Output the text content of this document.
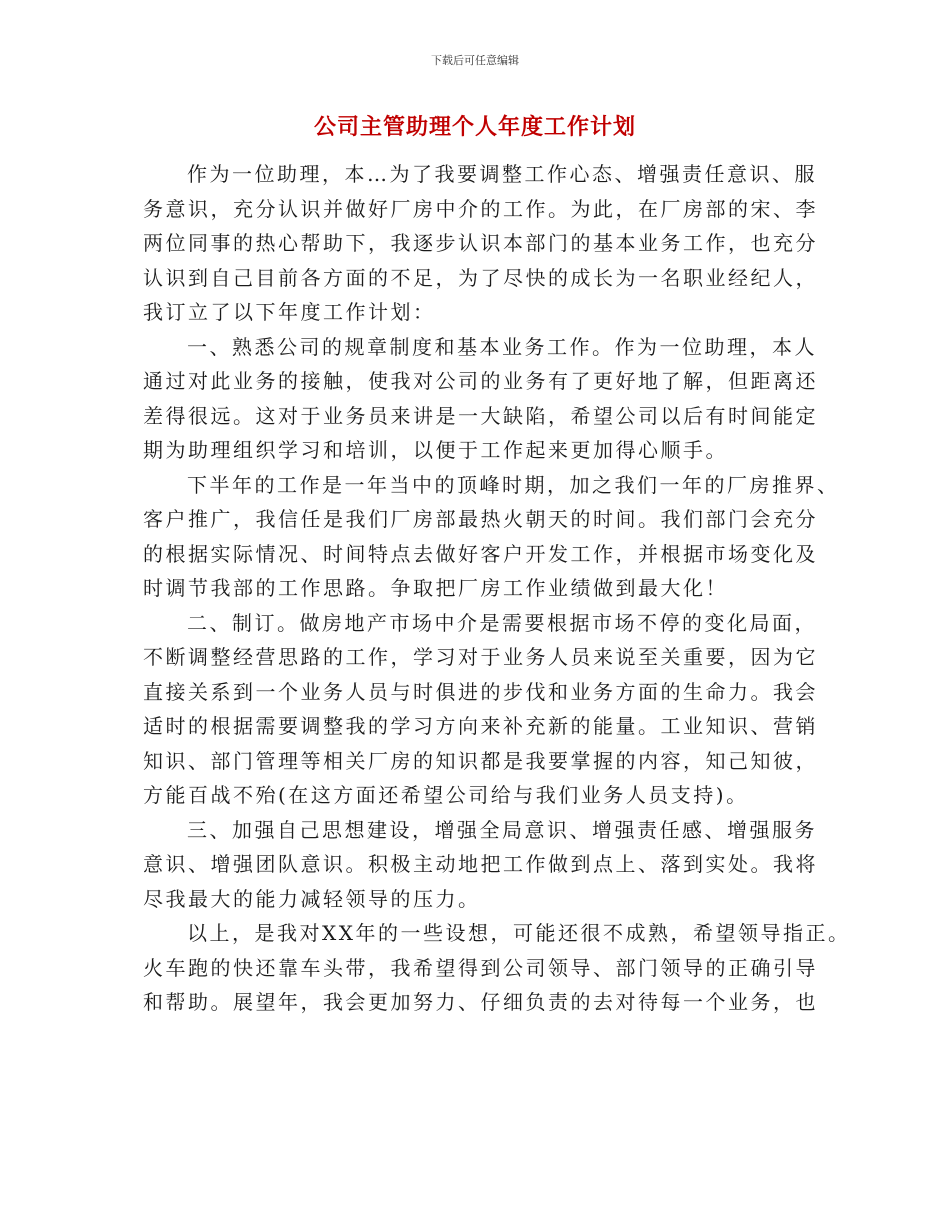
下载后可任意编辑
公司主管助理个人年度工作计划
作为一位助理，本…为了我要调整工作心态、增强责任意识、服
务意识，充分认识并做好厂房中介的工作。为此，在厂房部的宋、李
两位同事的热心帮助下，我逐步认识本部门的基本业务工作，也充分
认识到自己目前各方面的不足，为了尽快的成长为一名职业经纪人，
我订立了以下年度工作计划：
一、熟悉公司的规章制度和基本业务工作。作为一位助理，本人
通过对此业务的接触，使我对公司的业务有了更好地了解，但距离还
差得很远。这对于业务员来讲是一大缺陷，希望公司以后有时间能定
期为助理组织学习和培训，以便于工作起来更加得心顺手。
下半年的工作是一年当中的顶峰时期，加之我们一年的厂房推界、
客户推广，我信任是我们厂房部最热火朝天的时间。我们部门会充分
的根据实际情况、时间特点去做好客户开发工作，并根据市场变化及
时调节我部的工作思路。争取把厂房工作业绩做到最大化！
二、制订。做房地产市场中介是需要根据市场不停的变化局面，
不断调整经营思路的工作，学习对于业务人员来说至关重要，因为它
直接关系到一个业务人员与时俱进的步伐和业务方面的生命力。我会
适时的根据需要调整我的学习方向来补充新的能量。工业知识、营销
知识、部门管理等相关厂房的知识都是我要掌握的内容，知己知彼，
方能百战不殆(在这方面还希望公司给与我们业务人员支持)。
三、加强自己思想建设，增强全局意识、增强责任感、增强服务
意识、增强团队意识。积极主动地把工作做到点上、落到实处。我将
尽我最大的能力减轻领导的压力。
以上，是我对XX年的一些设想，可能还很不成熟，希望领导指正。
火车跑的快还靠车头带，我希望得到公司领导、部门领导的正确引导
和帮助。展望年，我会更加努力、仔细负责的去对待每一个业务，也
